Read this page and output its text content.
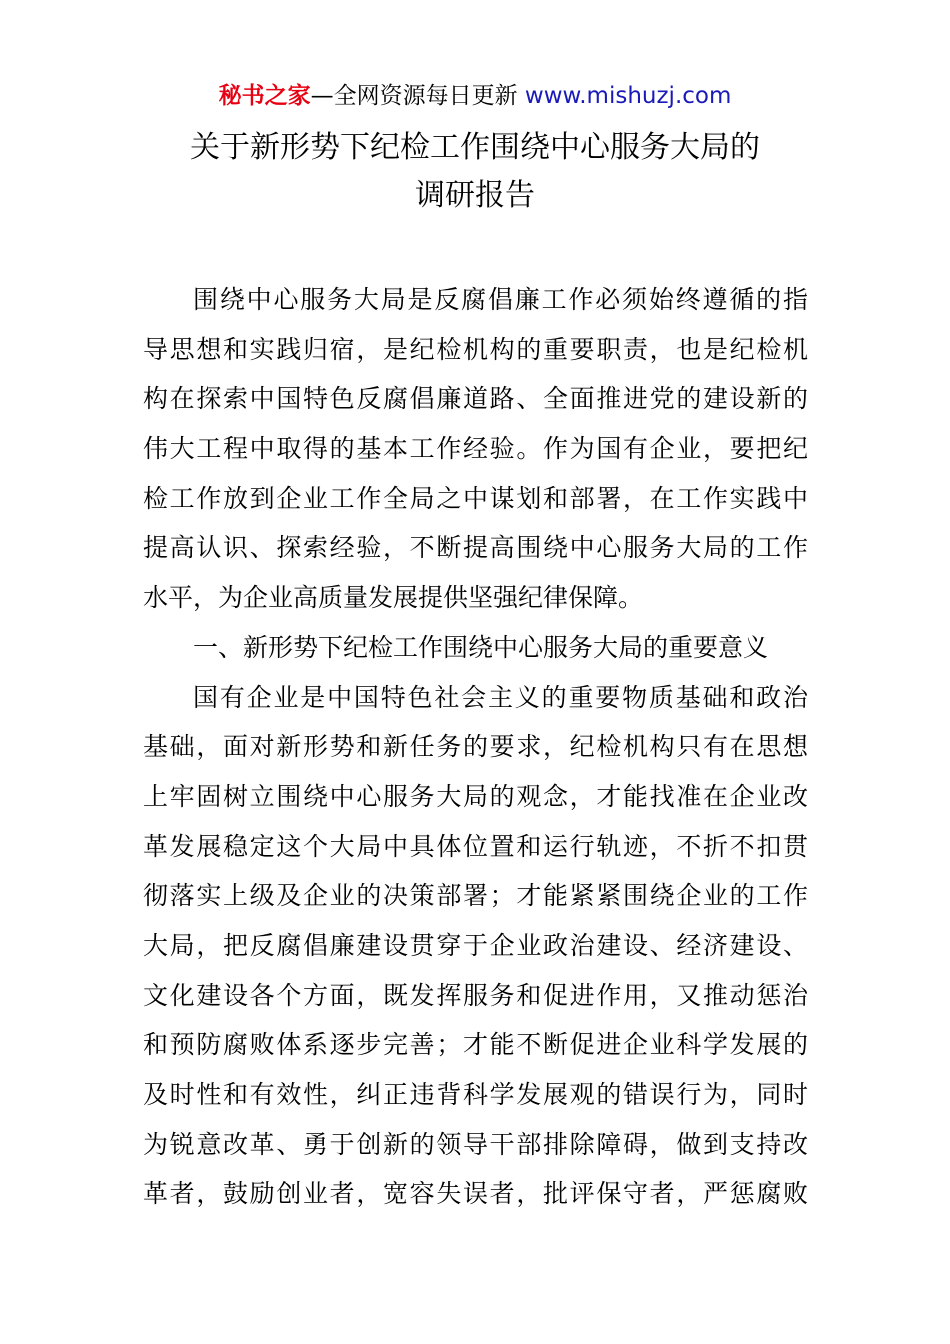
秘书之家—全网资源每日更新 www.mishuzj.com
关于新形势下纪检工作围绕中心服务大局的
调研报告
围绕中心服务大局是反腐倡廉工作必须始终遵循的指
导思想和实践归宿，是纪检机构的重要职责，也是纪检机
构在探索中国特色反腐倡廉道路、全面推进党的建设新的
伟大工程中取得的基本工作经验。作为国有企业，要把纪
检工作放到企业工作全局之中谋划和部署，在工作实践中
提高认识、探索经验，不断提高围绕中心服务大局的工作
水平，为企业高质量发展提供坚强纪律保障。
一、新形势下纪检工作围绕中心服务大局的重要意义
国有企业是中国特色社会主义的重要物质基础和政治
基础，面对新形势和新任务的要求，纪检机构只有在思想
上牢固树立围绕中心服务大局的观念，才能找准在企业改
革发展稳定这个大局中具体位置和运行轨迹，不折不扣贯
彻落实上级及企业的决策部署；才能紧紧围绕企业的工作
大局，把反腐倡廉建设贯穿于企业政治建设、经济建设、
文化建设各个方面，既发挥服务和促进作用，又推动惩治
和预防腐败体系逐步完善；才能不断促进企业科学发展的
及时性和有效性，纠正违背科学发展观的错误行为，同时
为锐意改革、勇于创新的领导干部排除障碍，做到支持改
革者，鼓励创业者，宽容失误者，批评保守者，严惩腐败
